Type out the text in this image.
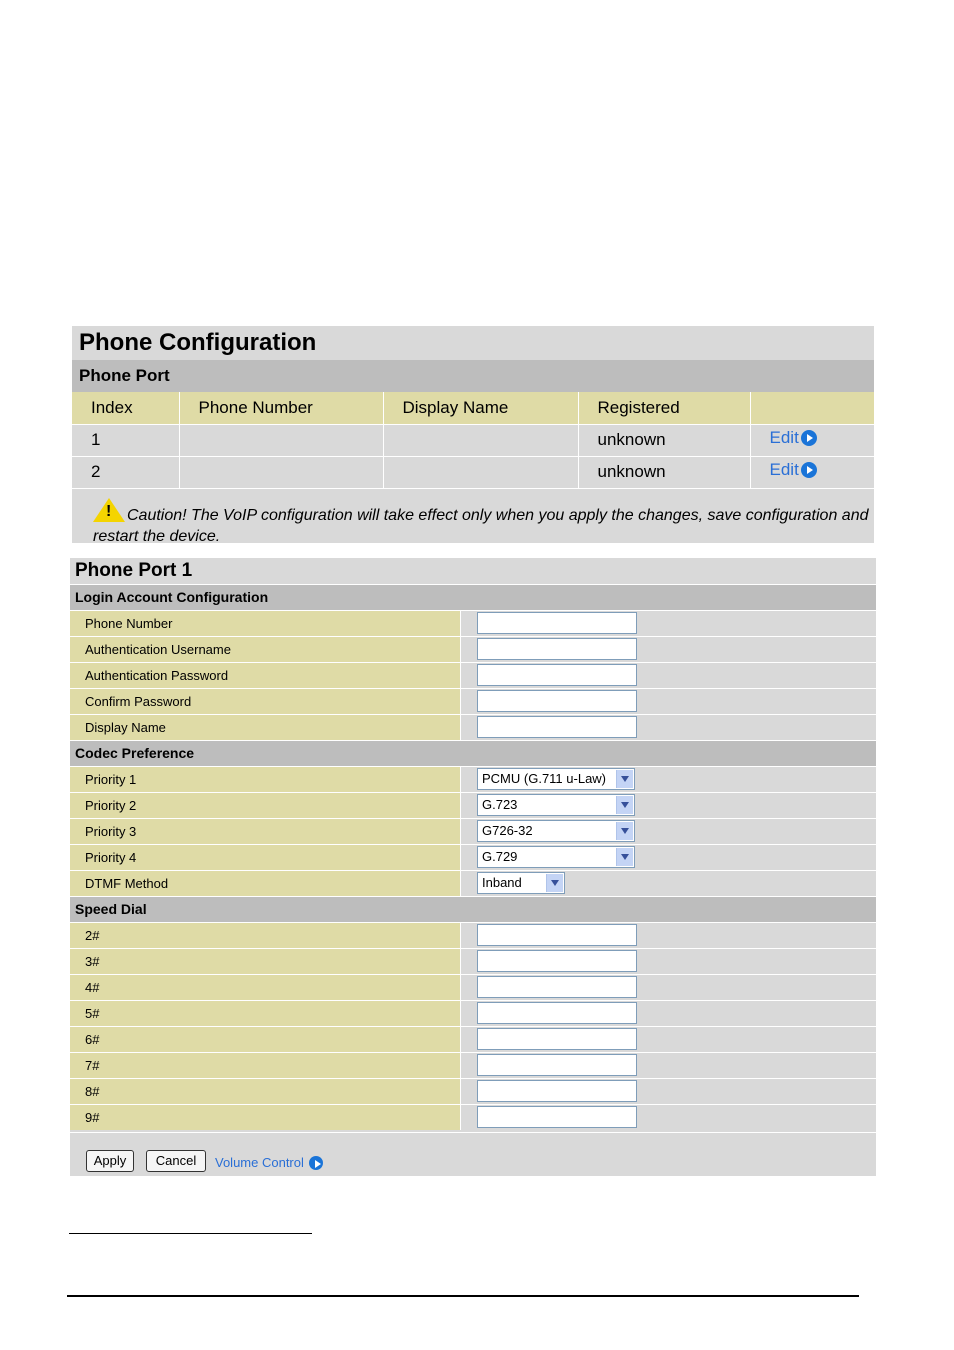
Phone Configuration
Phone Port
Index	Phone Number	Display Name	Registered	
1			unknown	Edit

2			unknown	Edit
!Caution! The VoIP configuration will take effect only when you apply the changes, save configuration and restart the device.
Phone Port 1
Login Account Configuration
Phone Number
Authentication Username
Authentication Password
Confirm Password
Display Name
Codec Preference
Priority 1	PCMU (G.711 u-Law)
Priority 2	G.723
Priority 3	G726-32
Priority 4	G.729
DTMF Method	Inband
Speed Dial
2#
3#
4#
5#
6#
7#
8#
9#
Apply	Cancel	Volume Control
